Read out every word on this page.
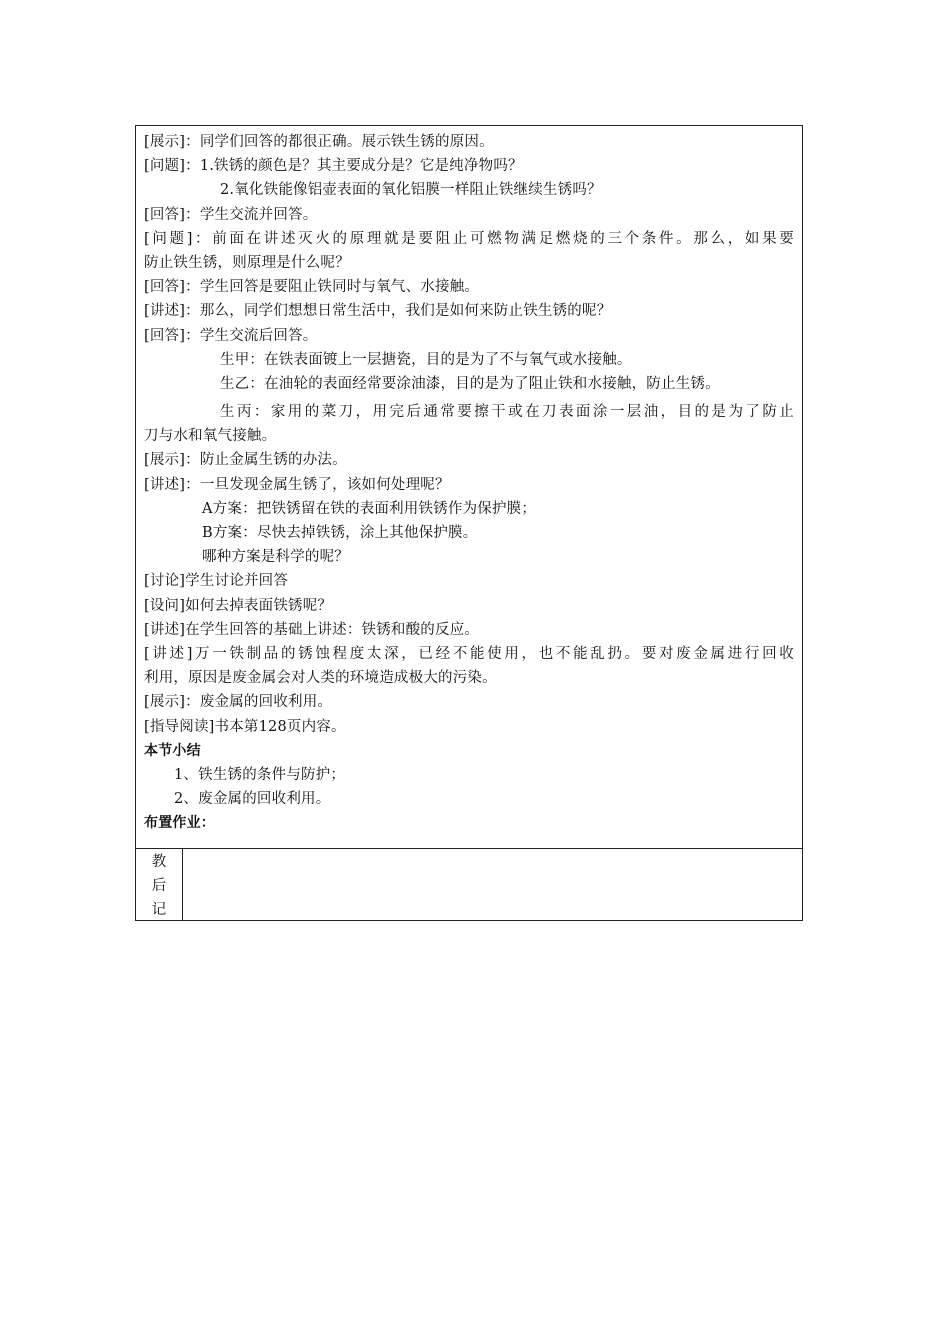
[展示]：同学们回答的都很正确。展示铁生锈的原因。
[问题]：1.铁锈的颜色是？其主要成分是？它是纯净物吗？
2.氧化铁能像铝壶表面的氧化铝膜一样阻止铁继续生锈吗？
[回答]：学生交流并回答。
[问题]：前面在讲述灭火的原理就是要阻止可燃物满足燃烧的三个条件。那么，如果要
防止铁生锈，则原理是什么呢？
[回答]：学生回答是要阻止铁同时与氧气、水接触。
[讲述]：那么，同学们想想日常生活中，我们是如何来防止铁生锈的呢？
[回答]：学生交流后回答。
生甲：在铁表面镀上一层搪瓷，目的是为了不与氧气或水接触。
生乙：在油轮的表面经常要涂油漆，目的是为了阻止铁和水接触，防止生锈。
生丙：家用的菜刀，用完后通常要擦干或在刀表面涂一层油，目的是为了防止
刀与水和氧气接触。
[展示]：防止金属生锈的办法。
[讲述]：一旦发现金属生锈了，该如何处理呢？
A方案：把铁锈留在铁的表面利用铁锈作为保护膜；
B方案：尽快去掉铁锈，涂上其他保护膜。
哪种方案是科学的呢？
[讨论]学生讨论并回答
[设问]如何去掉表面铁锈呢？
[讲述]在学生回答的基础上讲述：铁锈和酸的反应。
[讲述]万一铁制品的锈蚀程度太深，已经不能使用，也不能乱扔。要对废金属进行回收
利用，原因是废金属会对人类的环境造成极大的污染。
[展示]：废金属的回收利用。
[指导阅读]书本第128页内容。
本节小结
1、铁生锈的条件与防护；
2、废金属的回收利用。
布置作业：
教
后
记
